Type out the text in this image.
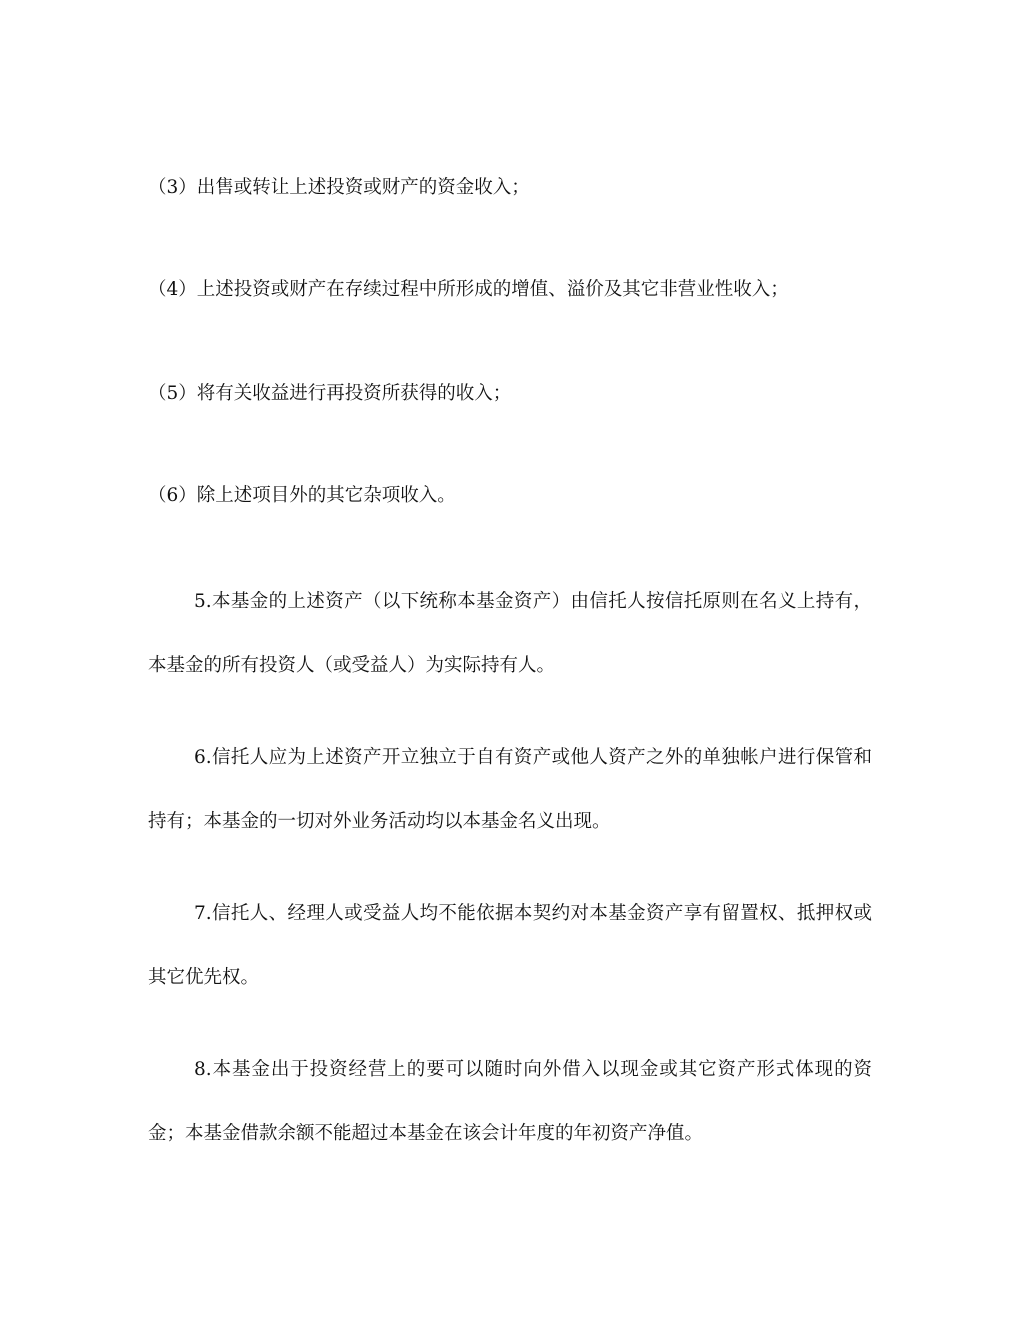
（3）出售或转让上述投资或财产的资金收入；

（4）上述投资或财产在存续过程中所形成的增值、溢价及其它非营业性收入；

（5）将有关收益进行再投资所获得的收入；

（6）除上述项目外的其它杂项收入。

5.本基金的上述资产（以下统称本基金资产）由信托人按信托原则在名义上持有，本基金的所有投资人（或受益人）为实际持有人。

6.信托人应为上述资产开立独立于自有资产或他人资产之外的单独帐户进行保管和持有；本基金的一切对外业务活动均以本基金名义出现。

7.信托人、经理人或受益人均不能依据本契约对本基金资产享有留置权、抵押权或其它优先权。

8.本基金出于投资经营上的要可以随时向外借入以现金或其它资产形式体现的资金；本基金借款余额不能超过本基金在该会计年度的年初资产净值。
